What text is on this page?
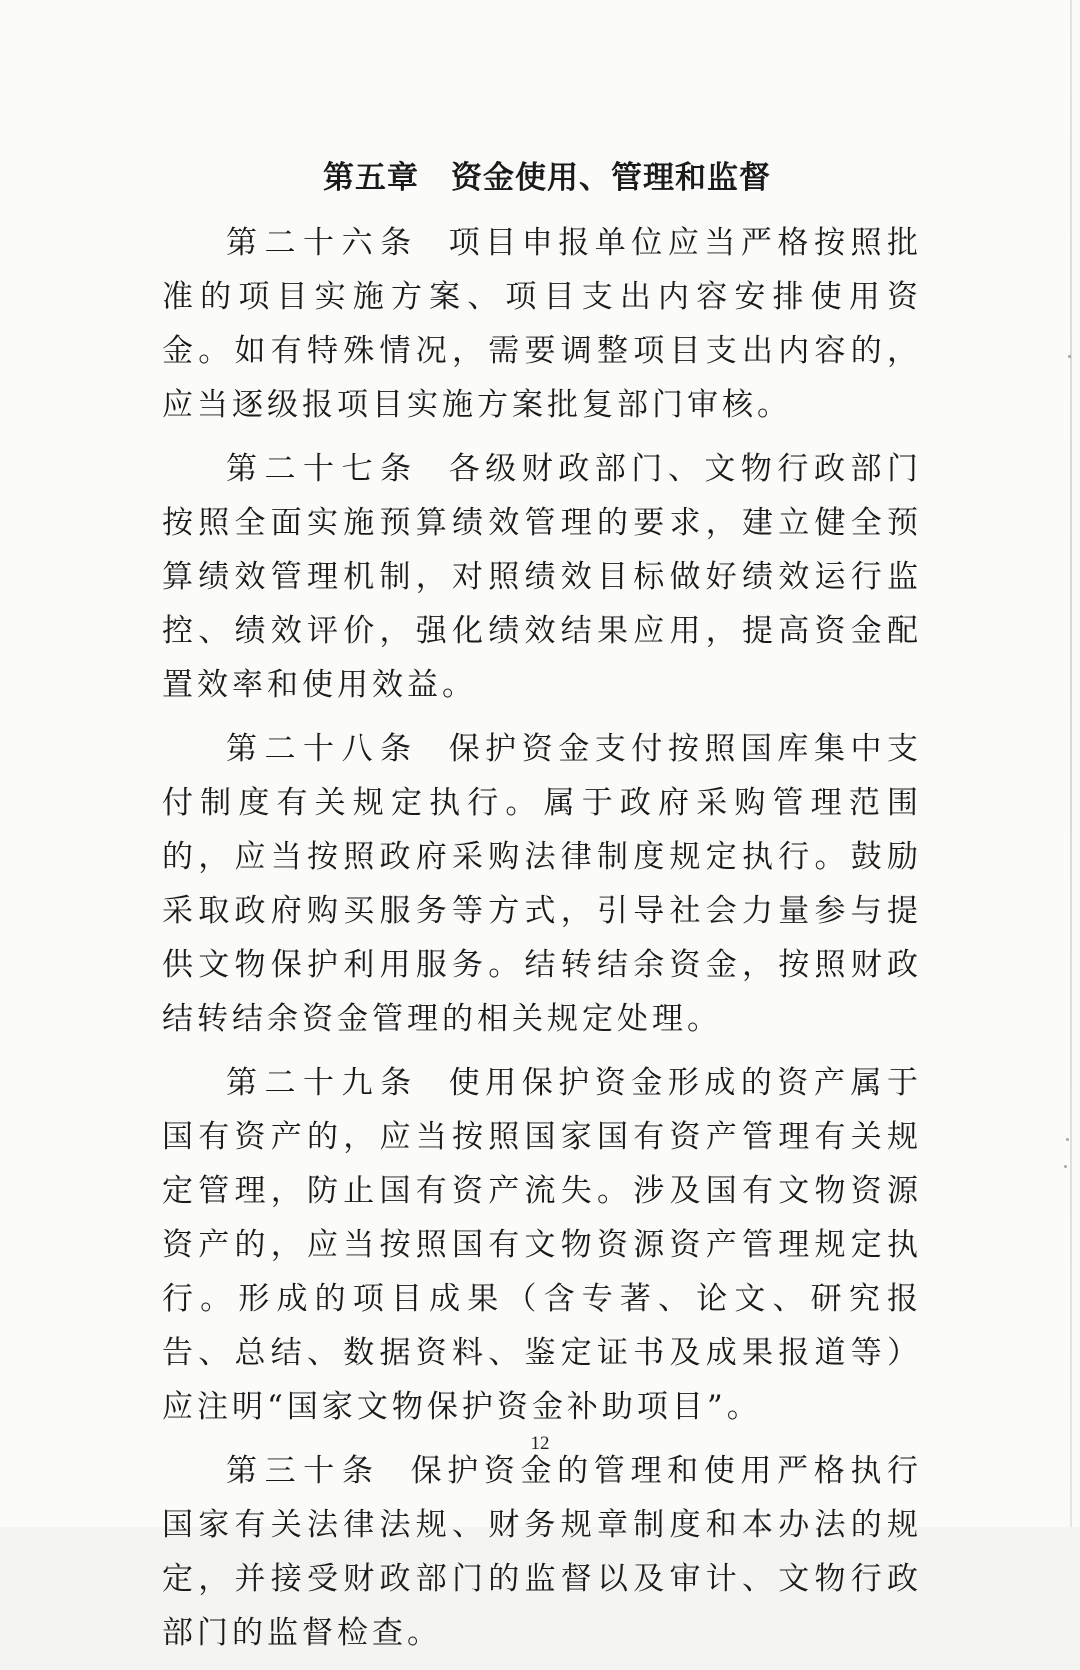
第五章　资金使用、管理和监督

第二十六条 项目申报单位应当严格按照批准的项目实施方案、项目支出内容安排使用资金。如有特殊情况，需要调整项目支出内容的，应当逐级报项目实施方案批复部门审核。

第二十七条 各级财政部门、文物行政部门按照全面实施预算绩效管理的要求，建立健全预算绩效管理机制，对照绩效目标做好绩效运行监控、绩效评价，强化绩效结果应用，提高资金配置效率和使用效益。

第二十八条 保护资金支付按照国库集中支付制度有关规定执行。属于政府采购管理范围的，应当按照政府采购法律制度规定执行。鼓励采取政府购买服务等方式，引导社会力量参与提供文物保护利用服务。结转结余资金，按照财政结转结余资金管理的相关规定处理。

第二十九条 使用保护资金形成的资产属于国有资产的，应当按照国家国有资产管理有关规定管理，防止国有资产流失。涉及国有文物资源资产的，应当按照国有文物资源资产管理规定执行。形成的项目成果（含专著、论文、研究报告、总结、数据资料、鉴定证书及成果报道等）应注明“国家文物保护资金补助项目”。

第三十条 保护资金的管理和使用严格执行国家有关法律法规、财务规章制度和本办法的规定，并接受财政部门的监督以及审计、文物行政部门的监督检查。

12
